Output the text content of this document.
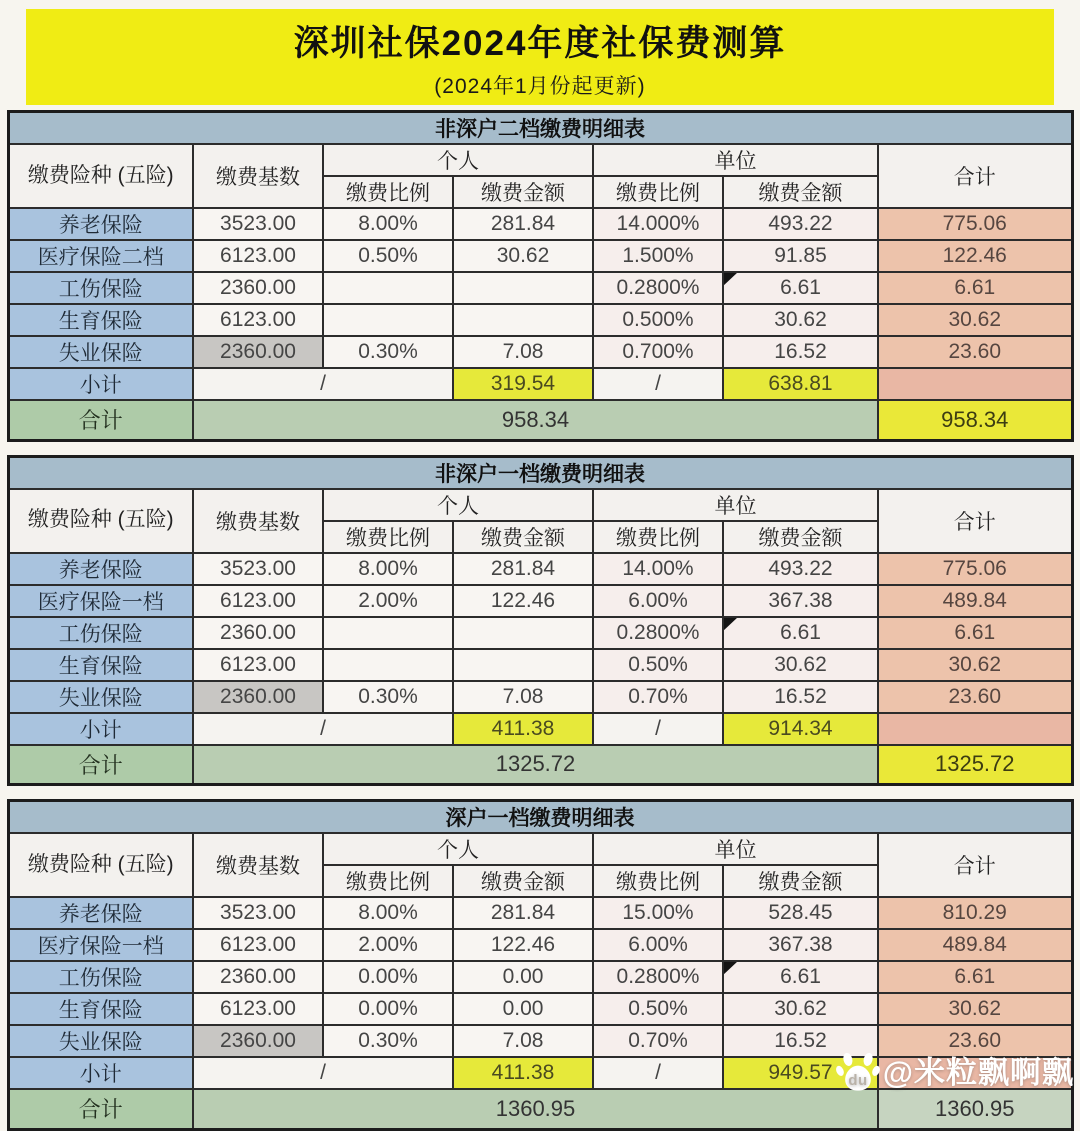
深圳社保2024年度社保费测算
(2024年1月份起更新)
非深户二档缴费明细表						
缴费险种 (五险)	缴费基数	个人		单位		合计
		缴费比例	缴费金额	缴费比例	缴费金额	
养老保险	3523.00	8.00%	281.84	14.000%	493.22	775.06
医疗保险二档	6123.00	0.50%	30.62	1.500%	91.85	122.46
工伤保险	2360.00			0.2800%	6.61	6.61
生育保险	6123.00			0.500%	30.62	30.62
失业保险	2360.00	0.30%	7.08	0.700%	16.52	23.60
小计	/		319.54	/	638.81	
合计	958.34					958.34
非深户一档缴费明细表						
缴费险种 (五险)	缴费基数	个人		单位		合计
		缴费比例	缴费金额	缴费比例	缴费金额	
养老保险	3523.00	8.00%	281.84	14.00%	493.22	775.06
医疗保险一档	6123.00	2.00%	122.46	6.00%	367.38	489.84
工伤保险	2360.00			0.2800%	6.61	6.61
生育保险	6123.00			0.50%	30.62	30.62
失业保险	2360.00	0.30%	7.08	0.70%	16.52	23.60
小计	/		411.38	/	914.34	
合计	1325.72					1325.72
深户一档缴费明细表						
缴费险种 (五险)	缴费基数	个人		单位		合计
		缴费比例	缴费金额	缴费比例	缴费金额	
养老保险	3523.00	8.00%	281.84	15.00%	528.45	810.29
医疗保险一档	6123.00	2.00%	122.46	6.00%	367.38	489.84
工伤保险	2360.00	0.00%	0.00	0.2800%	6.61	6.61
生育保险	6123.00	0.00%	0.00	0.50%	30.62	30.62
失业保险	2360.00	0.30%	7.08	0.70%	16.52	23.60
小计	/		411.38	/	949.57	
合计	1360.95					1360.95
du @米粒飘啊飘
